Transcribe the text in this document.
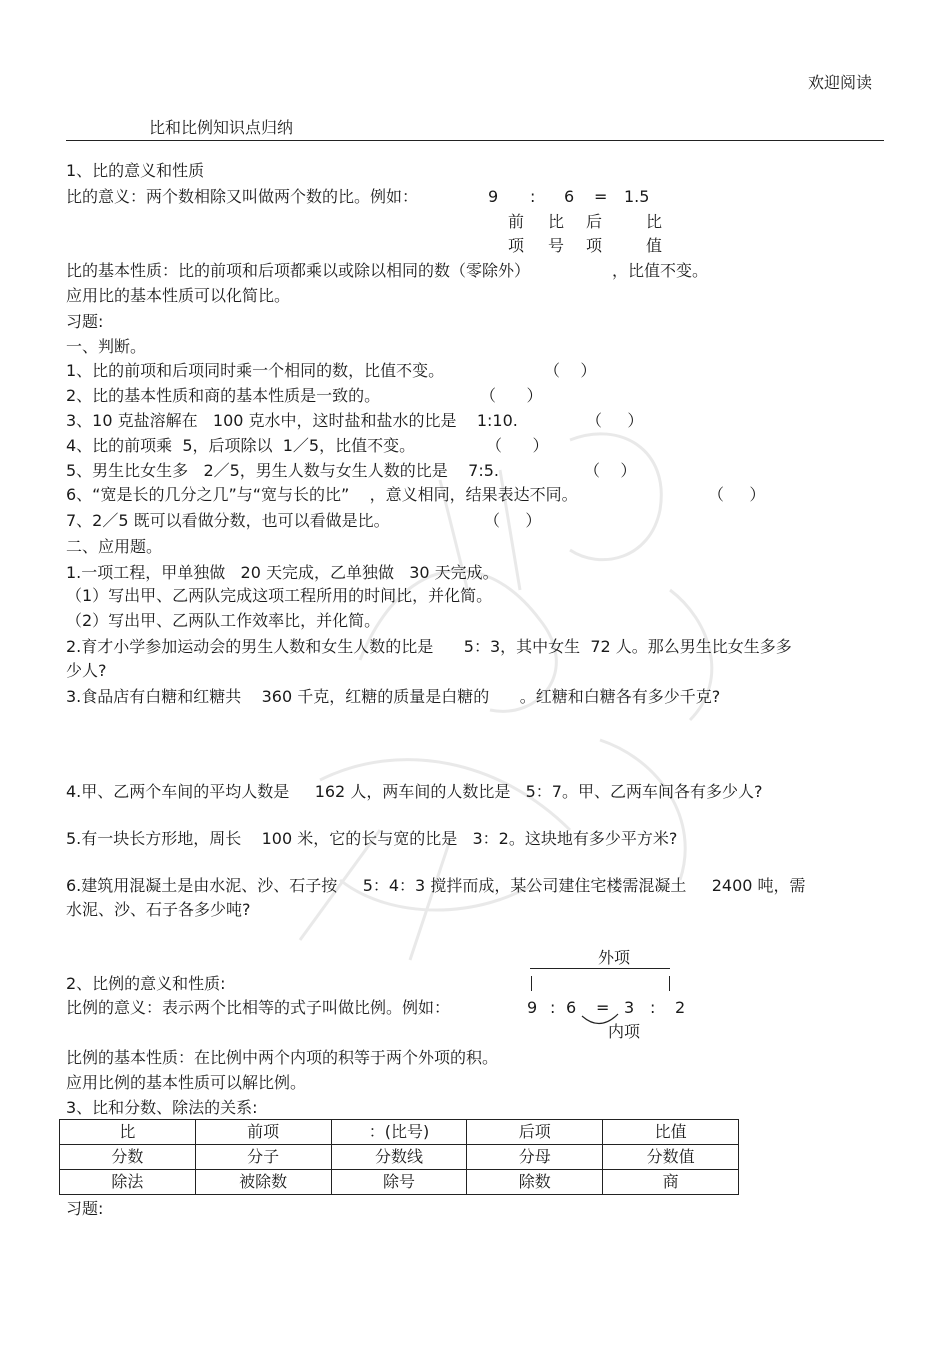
欢迎阅读
比和比例知识点归纳
1、比的意义和性质
比的意义：两个数相除又叫做两个数的比。例如：	9 : 6 = 1.5
前 比 后	比
项 号 项	值
比的基本性质：比的前项和后项都乘以或除以相同的数（零除外）	，比值不变。
应用比的基本性质可以化简比。
习题:
一、判断。
1、比的前项和后项同时乘一个相同的数，比值不变。	（    ）
2、比的基本性质和商的基本性质是一致的。	（      ）
3、10 克盐溶解在   100 克水中，这时盐和盐水的比是    1:10.	（     ）
4、比的前项乘  5，后项除以  1／5，比值不变。	（      ）
5、男生比女生多   2／5，男生人数与女生人数的比是    7:5.	（    ）
6、“宽是长的几分之几”与“宽与长的比”    ，意义相同，结果表达不同。	（     ）
7、2／5 既可以看做分数，也可以看做是比。	（     ）
二、应用题。
1.一项工程，甲单独做   20 天完成，乙单独做   30 天完成。
（1）写出甲、乙两队完成这项工程所用的时间比，并化简。
（2）写出甲、乙两队工作效率比，并化简。
2.育才小学参加运动会的男生人数和女生人数的比是      5：3，其中女生  72 人。那么男生比女生多多
少人?
3.食品店有白糖和红糖共    360 千克，红糖的质量是白糖的      。红糖和白糖各有多少千克?
4.甲、乙两个车间的平均人数是     162 人，两车间的人数比是   5：7。甲、乙两车间各有多少人?
5.有一块长方形地，周长    100 米，它的长与宽的比是   3：2。这块地有多少平方米?
6.建筑用混凝土是由水泥、沙、石子按     5：4：3 搅拌而成，某公司建住宅楼需混凝土     2400 吨，需
水泥、沙、石子各多少吨?
外项
2、比例的意义和性质:
比例的意义：表示两个比相等的式子叫做比例。例如：	9 : 6 = 3 : 2
内项
比例的基本性质：在比例中两个内项的积等于两个外项的积。
应用比例的基本性质可以解比例。
3、比和分数、除法的关系:
比	前项	：(比号)	后项	比值
分数	分子	分数线	分母	分数值
除法	被除数	除号	除数	商
习题:
